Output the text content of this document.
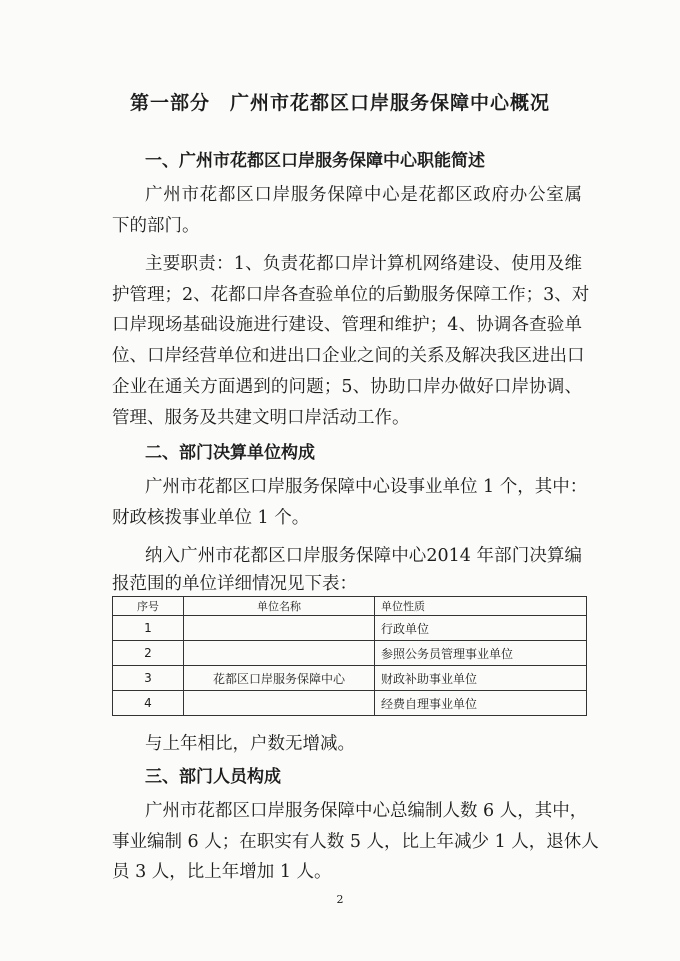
第一部分　广州市花都区口岸服务保障中心概况
一、广州市花都区口岸服务保障中心职能简述
广州市花都区口岸服务保障中心是花都区政府办公室属
下的部门。
主要职责：1、负责花都口岸计算机网络建设、使用及维
护管理；2、花都口岸各查验单位的后勤服务保障工作；3、对
口岸现场基础设施进行建设、管理和维护；4、协调各查验单
位、口岸经营单位和进出口企业之间的关系及解决我区进出口
企业在通关方面遇到的问题；5、协助口岸办做好口岸协调、
管理、服务及共建文明口岸活动工作。
二、部门决算单位构成
广州市花都区口岸服务保障中心设事业单位 1 个，其中：
财政核拨事业单位 1 个。
纳入广州市花都区口岸服务保障中心2014 年部门决算编
报范围的单位详细情况见下表：
序号	单位名称	单位性质
1		行政单位
2		参照公务员管理事业单位
3	花都区口岸服务保障中心	财政补助事业单位
4		经费自理事业单位
与上年相比，户数无增减。
三、部门人员构成
广州市花都区口岸服务保障中心总编制人数 6 人，其中，
事业编制 6 人；在职实有人数 5 人，比上年减少 1 人，退休人
员 3 人，比上年增加 1 人。
2
